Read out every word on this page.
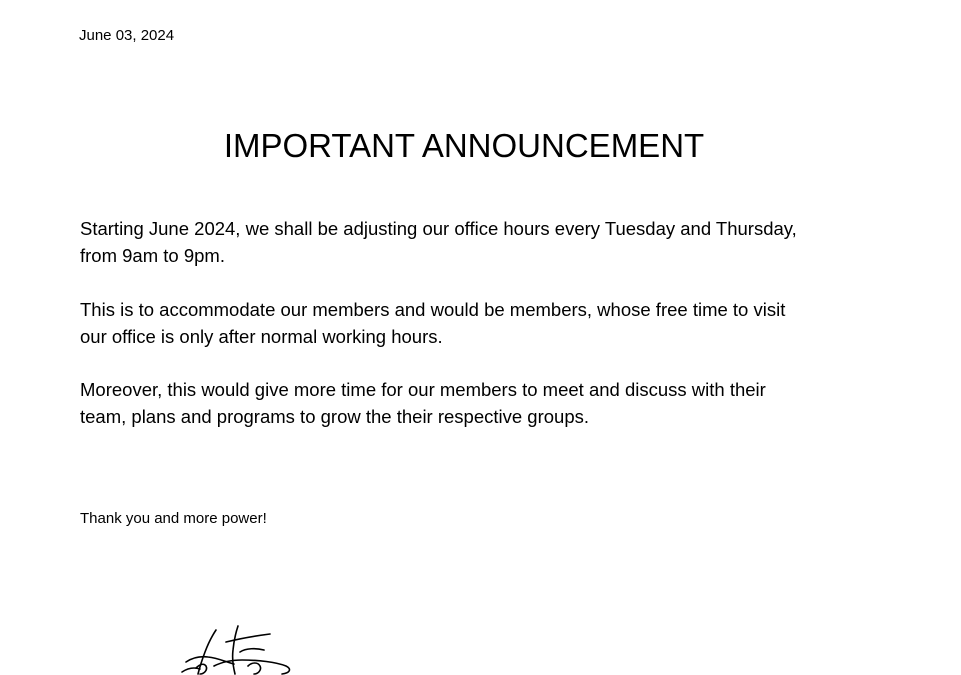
June 03, 2024
IMPORTANT ANNOUNCEMENT

Starting June 2024, we shall be adjusting our office hours every Tuesday and Thursday,
from 9am to 9pm.

This is to accommodate our members and would be members, whose free time to visit
our office is only after normal working hours.

Moreover, this would give more time for our members to meet and discuss with their
team, plans and programs to grow the their respective groups.

Thank you and more power!
